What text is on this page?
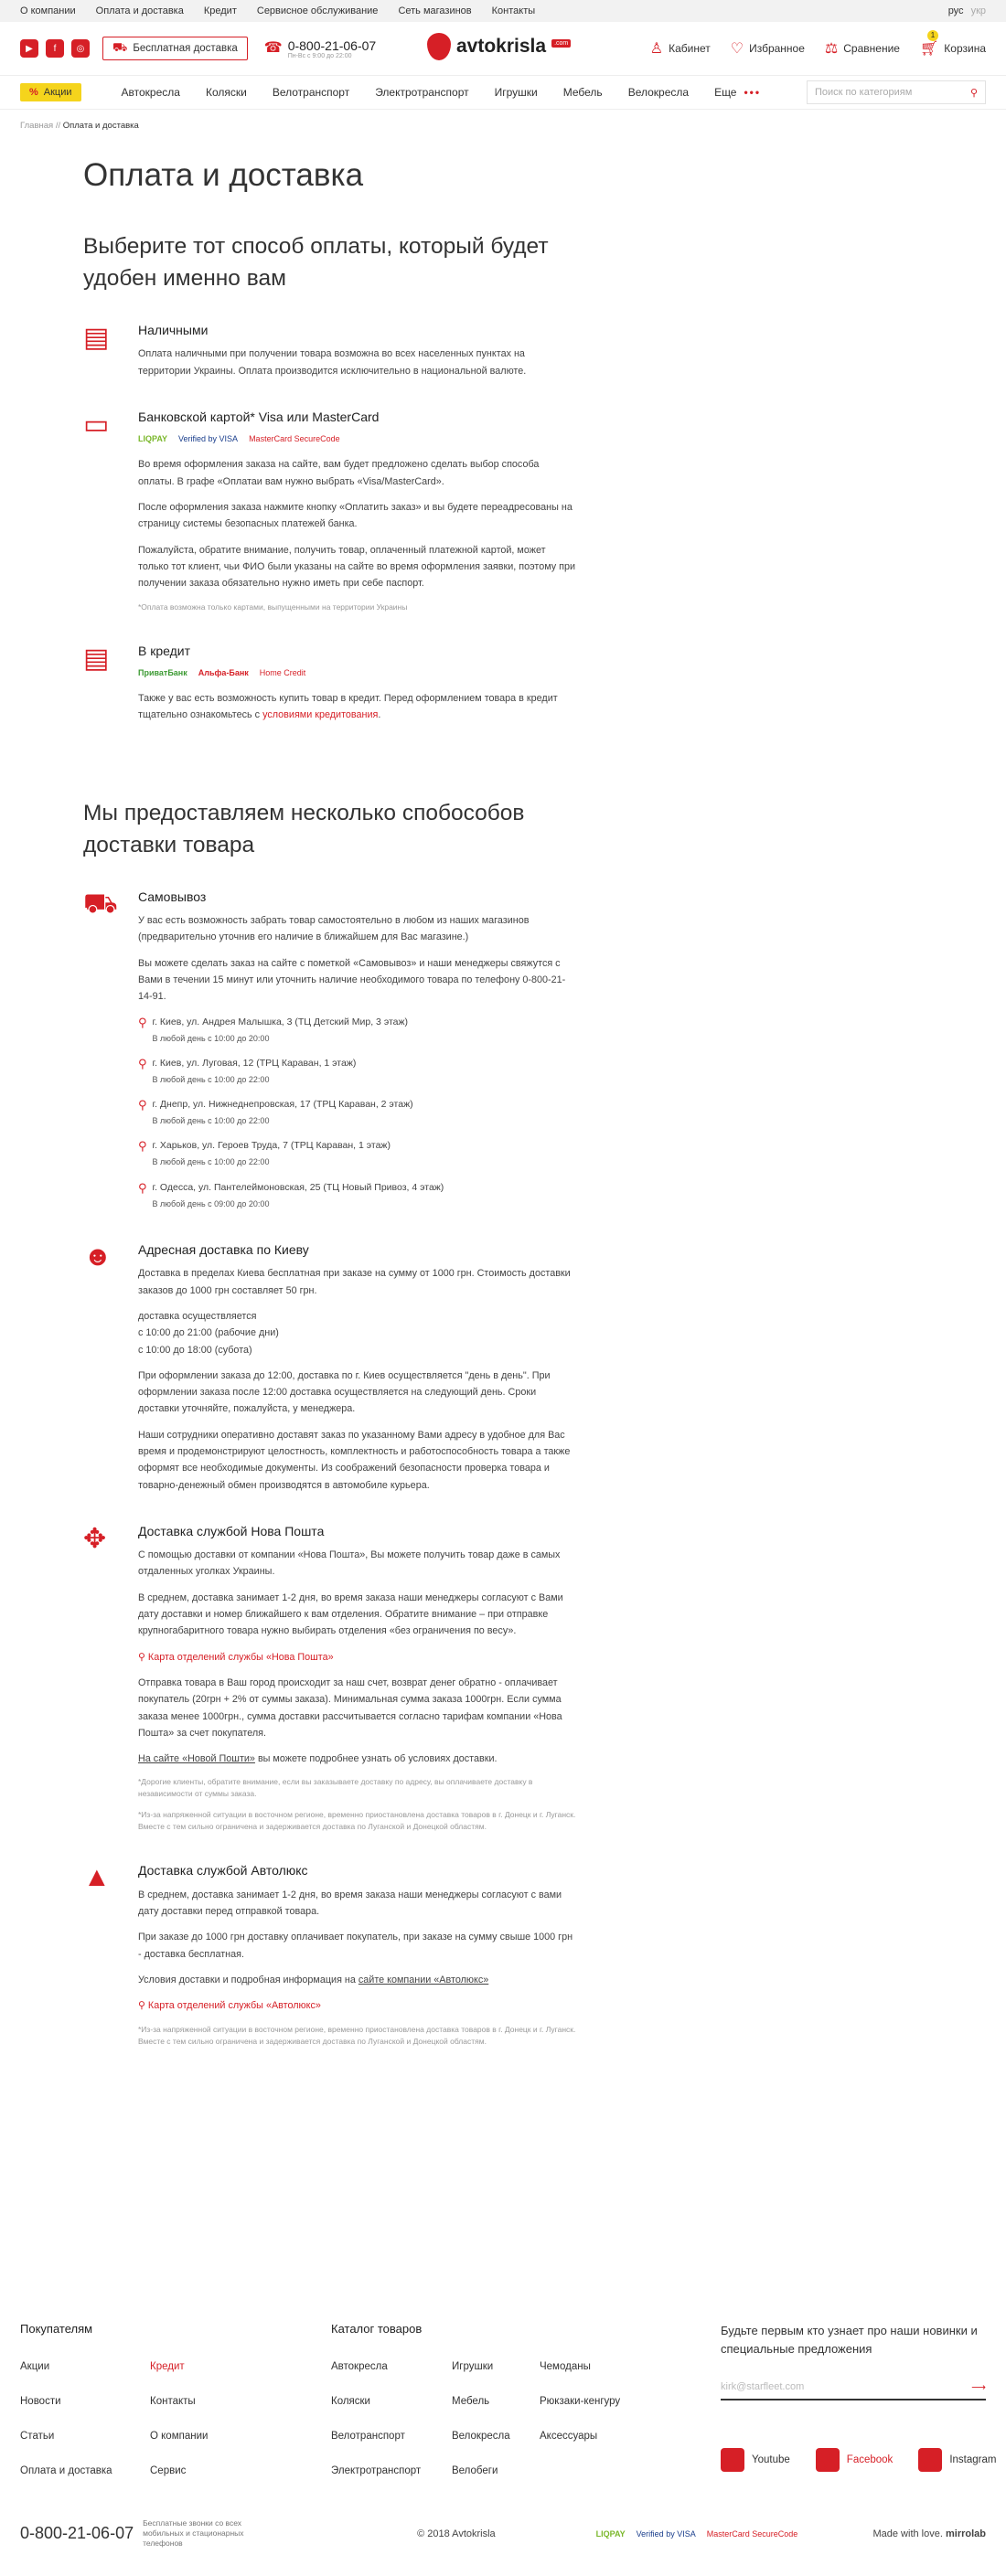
О компании Оплата и доставка Кредит Сервисное обслуживание Сеть магазинов Контакты	рус укр
▶	f	◎	⛟ Бесплатная доставка ☎ 0-800-21-06-07
Пн-Вс с 9:00 до 22:00	avtokrisla	.com	♙ Кабинет ♡ Избранное ⚖ Сравнение 🛒︎
1
Корзина
% Акции	Автокресла Коляски Велотранспорт Электротранспорт Игрушки Мебель Велокресла Еще •••	Поиск по категориям	⚲
Главная // Оплата и доставка
Оплата и доставка
Выберите тот способ оплаты, который будет удобен именно вам
▤	Наличными

Оплата наличными при получении товара возможна во всех населенных пунктах на территории Украины. Оплата производится исключительно в национальной валюте.

▭	Банковской картой* Visa или MasterCard
LIQPAY Verified by VISA MasterCard SecureCode

Во время оформления заказа на сайте, вам будет предложено сделать выбор способа оплаты. В графе «Оплатаи вам нужно выбрать «Visa/MasterCard».

После оформления заказа нажмите кнопку «Оплатить заказ» и вы будете переадресованы на страницу системы безопасных платежей банка.

Пожалуйста, обратите внимание, получить товар, оплаченный платежной картой, может только тот клиент, чьи ФИО были указаны на сайте во время оформления заявки, поэтому при получении заказа обязательно нужно иметь при себе паспорт.

*Оплата возможна только картами, выпущенными на территории Украины

▤	В кредит
ПриватБанк Альфа-Банк Home Credit

Также у вас есть возможность купить товар в кредит. Перед оформлением товара в кредит тщательно ознакомьтесь с условиями кредитования.

Мы предоставляем несколько спобособов доставки товара
⛟	Самовывоз

У вас есть возможность забрать товар самостоятельно в любом из наших магазинов (предварительно уточнив его наличие в ближайшем для Вас магазине.)

Вы можете сделать заказ на сайте с пометкой «Самовывоз» и наши менеджеры свяжутся с Вами в течении 15 минут или уточнить наличие необходимого товара по телефону 0-800-21-14-91.

⚲ г. Киев, ул. Андрея Малышка, 3 (ТЦ Детский Мир, 3 этаж)
В любой день с 10:00 до 20:00
⚲ г. Киев, ул. Луговая, 12 (ТРЦ Караван, 1 этаж)
В любой день с 10:00 до 22:00
⚲ г. Днепр, ул. Нижнеднепровская, 17 (ТРЦ Караван, 2 этаж)
В любой день с 10:00 до 22:00
⚲ г. Харьков, ул. Героев Труда, 7 (ТРЦ Караван, 1 этаж)
В любой день с 10:00 до 22:00
⚲ г. Одесса, ул. Пантелеймоновская, 25 (ТЦ Новый Привоз, 4 этаж)
В любой день с 09:00 до 20:00
☻	Адресная доставка по Киеву

Доставка в пределах Киева бесплатная при заказе на сумму от 1000 грн. Стоимость доставки заказов до 1000 грн составляет 50 грн.

доставка осуществляется
с 10:00 до 21:00 (рабочие дни)
с 10:00 до 18:00 (субота)

При оформлении заказа до 12:00, доставка по г. Киев осуществляется "день в день". При оформлении заказа после 12:00 доставка осуществляется на следующий день. Сроки доставки уточняйте, пожалуйста, у менеджера.

Наши сотрудники оперативно доставят заказ по указанному Вами адресу в удобное для Вас время и продемонстрируют целостность, комплектность и работоспособность товара а также оформят все необходимые документы. Из соображений безопасности проверка товара и товарно-денежный обмен производятся в автомобиле курьера.

✥	Доставка службой Нова Пошта

С помощью доставки от компании «Нова Пошта», Вы можете получить товар даже в самых отдаленных уголках Украины.

В среднем, доставка занимает 1-2 дня, во время заказа наши менеджеры согласуют с Вами дату доставки и номер ближайшего к вам отделения. Обратите внимание – при отправке крупногабаритного товара нужно выбирать отделения «без ограничения по весу».

⚲ Карта отделений службы «Нова Пошта»

Отправка товара в Ваш город происходит за наш счет, возврат денег обратно - оплачивает покупатель (20грн + 2% от суммы заказа). Минимальная сумма заказа 1000грн. Если сумма заказа менее 1000грн., сумма доставки рассчитывается согласно тарифам компании «Нова Пошта» за счет покупателя.

На сайте «Новой Пошти» вы можете подробнее узнать об условиях доставки.

*Дорогие клиенты, обратите внимание, если вы заказываете доставку по адресу, вы оплачиваете доставку в независимости от суммы заказа.

*Из-за напряженной ситуации в восточном регионе, временно приостановлена доставка товаров в г. Донецк и г. Луганск. Вместе с тем сильно ограничена и задерживается доставка по Луганской и Донецкой областям.

▲	Доставка службой Автолюкс

В среднем, доставка занимает 1-2 дня, во время заказа наши менеджеры согласуют с вами дату доставки перед отправкой товара.

При заказе до 1000 грн доставку оплачивает покупатель, при заказе на сумму свыше 1000 грн - доставка бесплатная.

Условия доставки и подробная информация на сайте компании «Автолюкс»

⚲ Карта отделений службы «Автолюкс»

*Из-за напряженной ситуации в восточном регионе, временно приостановлена доставка товаров в г. Донецк и г. Луганск. Вместе с тем сильно ограничена и задерживается доставка по Луганской и Донецкой областям.

Покупателям
Акции	Кредит
Новости	Контакты
Статьи	О компании
Оплата и доставка	Сервис
Каталог товаров
Автокресла	Игрушки	Чемоданы
Коляски	Мебель	Рюкзаки-кенгуру
Велотранспорт	Велокресла	Аксессуары
Электротранспорт	Велобеги
Будьте первым кто узнает про наши новинки и специальные предложения
kirk@starfleet.com	⟶
Youtube	Facebook	Instagram
0-800-21-06-07
Бесплатные звонки со всех мобильных и стационарных телефонов
© 2018 Avtokrisla	LIQPAY Verified by VISA MasterCard SecureCode	Made with love. mirrolab
